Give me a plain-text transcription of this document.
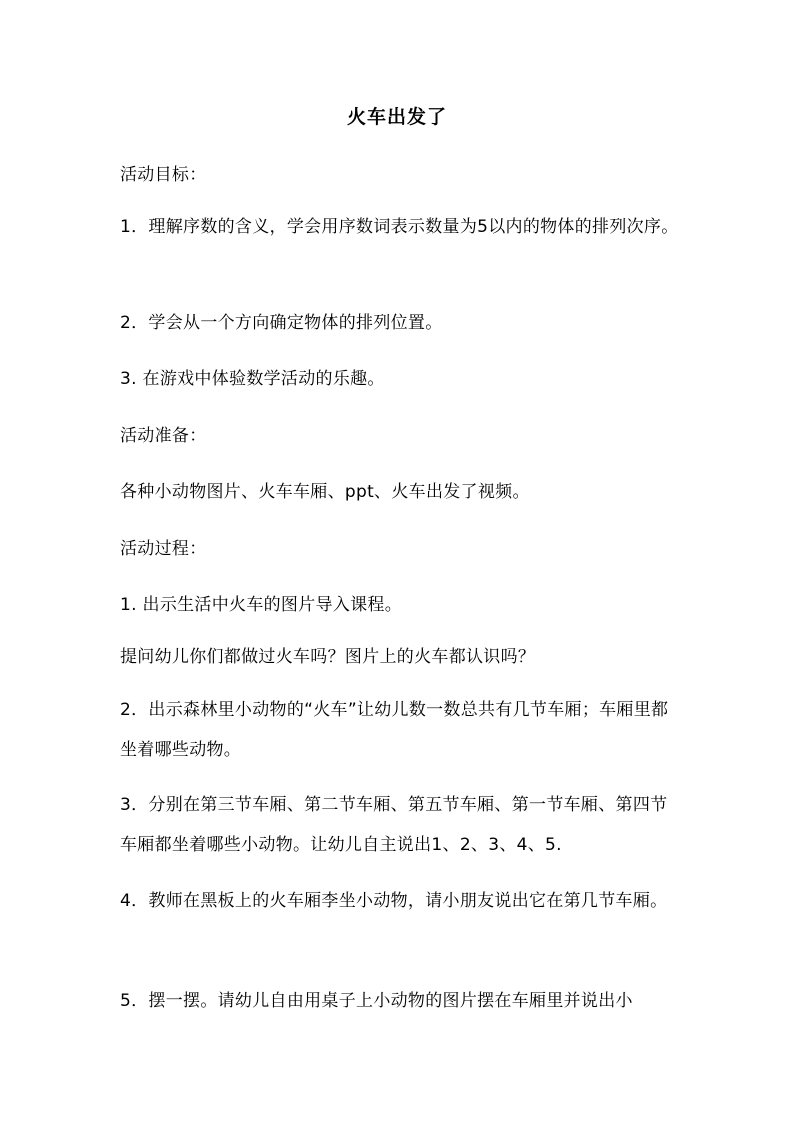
火车出发了
活动目标：
1．理解序数的含义，学会用序数词表示数量为5以内的物体的排列次序。
2．学会从一个方向确定物体的排列位置。
3. 在游戏中体验数学活动的乐趣。
活动准备：
各种小动物图片、火车车厢、ppt、火车出发了视频。
活动过程：
1. 出示生活中火车的图片导入课程。
提问幼儿你们都做过火车吗？图片上的火车都认识吗？
2．出示森林里小动物的“火车”让幼儿数一数总共有几节车厢；车厢里都坐着哪些动物。
3．分别在第三节车厢、第二节车厢、第五节车厢、第一节车厢、第四节车厢都坐着哪些小动物。让幼儿自主说出1、2、3、4、5.
4．教师在黑板上的火车厢李坐小动物，请小朋友说出它在第几节车厢。
5．摆一摆。请幼儿自由用桌子上小动物的图片摆在车厢里并说出小
